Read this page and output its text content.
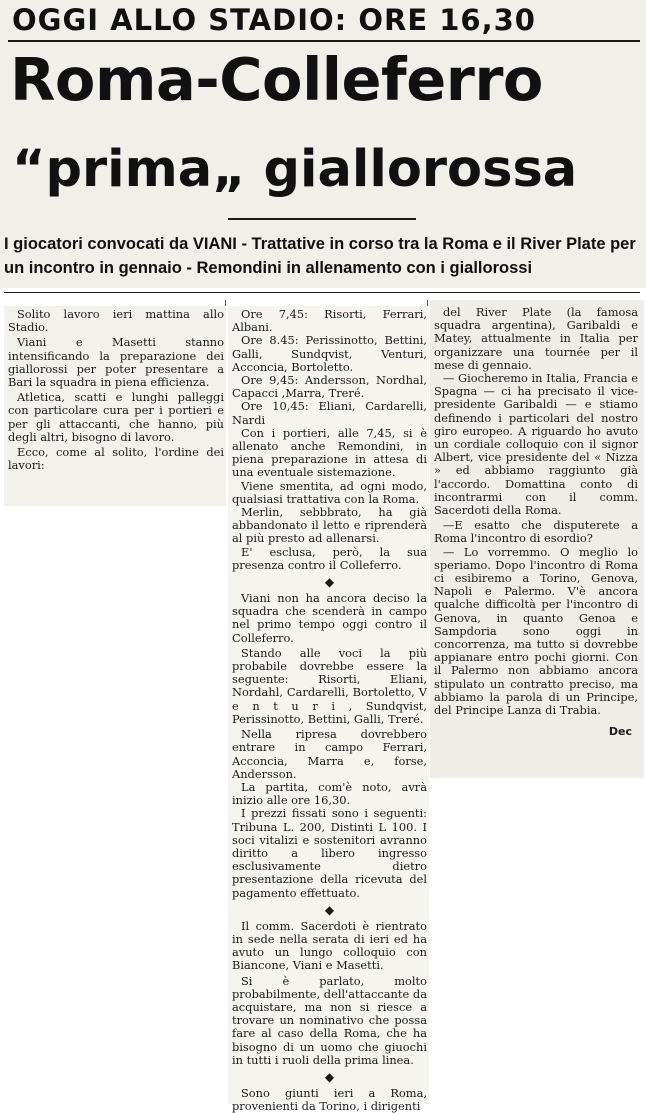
OGGI ALLO STADIO: ORE 16,30
Roma-Colleferro
“prima„ giallorossa
I giocatori convocati da VIANI - Trattative in corso tra la Roma e il River Plate per un incontro in gennaio - Remondini in allenamento con i giallorossi

Solito lavoro ieri mattina allo Stadio.

Viani e Masetti stanno intensificando la preparazione dei giallorossi per poter presentare a Bari la squadra in piena efficienza.

Atletica, scatti e lunghi palleggi con particolare cura per i portieri e per gli attaccanti, che hanno, più degli altri, bisogno di lavoro.

Ecco, come al solito, l'ordine dei lavori:

Ore 7,45: Risorti, Ferrari, Albani.

Ore 8.45: Perissinotto, Bettini, Galli, Sundqvist, Venturi, Acconcia, Bortoletto.

Ore 9,45: Andersson, Nordhal, Capacci ,Marra, Treré.

Ore 10,45: Eliani, Cardarelli, Nardi

Con i portieri, alle 7,45, si è allenato anche Remondini, in piena preparazione in attesa di una eventuale sistemazione.

Viene smentita, ad ogni modo, qualsiasi trattativa con la Roma.

Merlin, sebbbrato, ha già abbandonato il letto e riprenderà al più presto ad allenarsi.

E' esclusa, però, la sua presenza contro il Colleferro.

◆

Viani non ha ancora deciso la squadra che scenderà in campo nel primo tempo oggi contro il Colleferro.

Stando alle voci la più probabile dovrebbe essere la seguente: Risorti, Eliani, Nordahl, Cardarelli, Bortoletto, V e n t u r i , Sundqvist, Perissinotto, Bettini, Galli, Treré.

Nella ripresa dovrebbero entrare in campo Ferrari, Acconcia, Marra e, forse, Andersson.

La partita, com'è noto, avrà inizio alle ore 16,30.

I prezzi fissati sono i seguenti: Tribuna L. 200, Distinti L 100. I soci vitalizi e sostenitori avranno diritto a libero ingresso esclusivamente dietro presentazione della ricevuta del pagamento effettuato.

◆

Il comm. Sacerdoti è rientrato in sede nella serata di ieri ed ha avuto un lungo colloquio con Biancone, Viani e Masetti.

Si è parlato, molto probabilmente, dell'attaccante da acquistare, ma non si riesce a trovare un nominativo che possa fare al caso della Roma, che ha bisogno di un uomo che giuochi in tutti i ruoli della prima linea.

◆

Sono giunti ieri a Roma, provenienti da Torino, i dirigenti

del River Plate (la famosa squadra argentina), Garibaldi e Matey, attualmente in Italia per organizzare una tournée per il mese di gennaio.

— Giocheremo in Italia, Francia e Spagna — ci ha precisato il vice-presidente Garibaldi — e stiamo definendo i particolari del nostro giro europeo. A riguardo ho avuto un cordiale colloquio con il signor Albert, vice presidente del « Nizza » ed abbiamo raggiunto già l'accordo. Domattina conto di incontrarmi con il comm. Sacerdoti della Roma.

—E esatto che disputerete a Roma l'incontro di esordio?

— Lo vorremmo. O meglio lo speriamo. Dopo l'incontro di Roma ci esibiremo a Torino, Genova, Napoli e Palermo. V'è ancora qualche difficoltà per l'incontro di Genova, in quanto Genoa e Sampdoria sono oggi in concorrenza, ma tutto si dovrebbe appianare entro pochi giorni. Con il Palermo non abbiamo ancora stipulato un contratto preciso, ma abbiamo la parola di un Principe, del Principe Lanza di Trabia.

Dec
